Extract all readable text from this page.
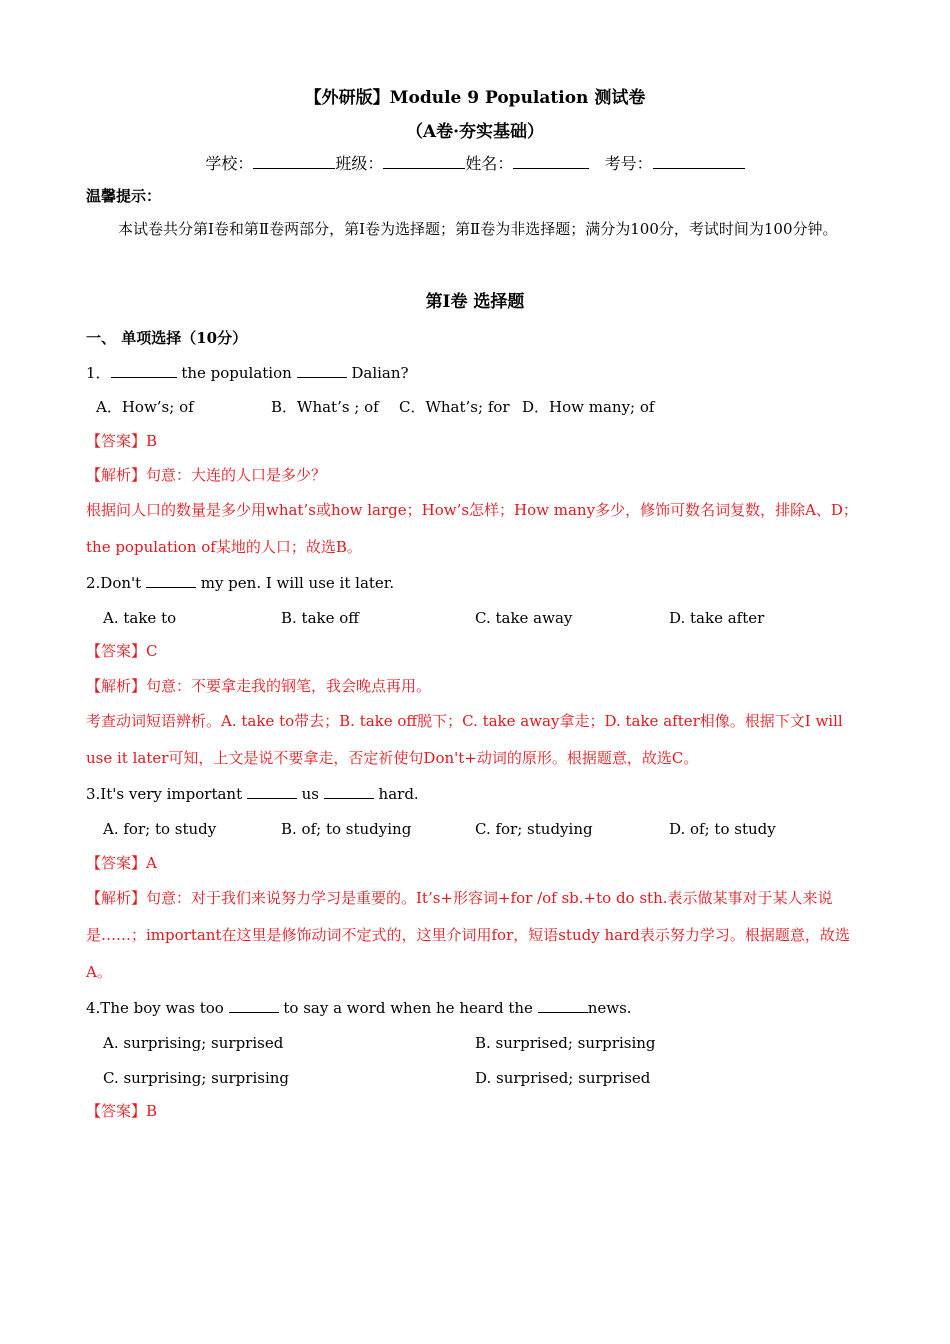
【外研版】Module 9 Population 测试卷
（A卷·夯实基础）
学校：	班级：	姓名：	考号：
温馨提示：
本试卷共分第Ⅰ卷和第Ⅱ卷两部分，第Ⅰ卷为选择题；第Ⅱ卷为非选择题；满分为100分，考试时间为100分钟。
第Ⅰ卷 选择题
一、 单项选择（10分）
1．	the population	Dalian?
A．How’s; of	B．What’s ; of C．What’s; for D．How many; of
【答案】B
【解析】句意：大连的人口是多少？
根据问人口的数量是多少用what’s或how large；How’s怎样；How many多少，修饰可数名词复数，排除A、D；the population of某地的人口；故选B。
2.Don't	my pen. I will use it later.
A. take to	B. take off	C. take away	D. take after
【答案】C
【解析】句意：不要拿走我的钢笔，我会晚点再用。
考查动词短语辨析。A. take to带去；B. take off脱下；C. take away拿走；D. take after相像。根据下文I will use it later可知，上文是说不要拿走，否定祈使句Don't+动词的原形。根据题意，故选C。
3.It's very important	us	hard.
A. for; to study	B. of; to studying	C. for; studying	D. of; to study
【答案】A
【解析】句意：对于我们来说努力学习是重要的。It’s+形容词+for /of sb.+to do sth.表示做某事对于某人来说是……；important在这里是修饰动词不定式的，这里介词用for，短语study hard表示努力学习。根据题意，故选A。
4.The boy was too	to say a word when he heard the	news.
A. surprising; surprised	B. surprised; surprising
C. surprising; surprising	D. surprised; surprised
【答案】B
